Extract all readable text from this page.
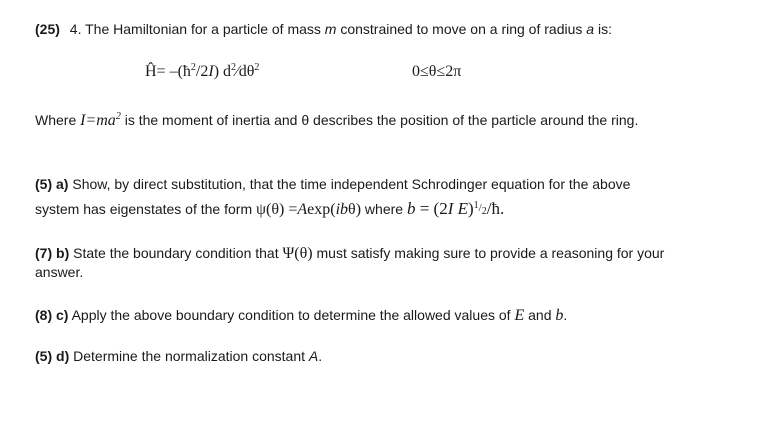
(25) 4. The Hamiltonian for a particle of mass m constrained to move on a ring of radius a is:
Ĥ= $-(ħ^2/2I)$ $d^2⁄d\theta^2$	0≤θ≤2π
Where $I=ma^2$ is the moment of inertia and θ describes the position of the particle around the ring.
(5) a) Show, by direct substitution, that the time independent Schrodinger equation for the above
system has eigenstates of the form ψ(θ) =Aexp(ibθ) where b = (2I E)$^1$/2/ħ.
(7) b) State the boundary condition that Ψ(θ) must satisfy making sure to provide a reasoning for your
answer.
(8) c) Apply the above boundary condition to determine the allowed values of E and b.
(5) d) Determine the normalization constant A.
